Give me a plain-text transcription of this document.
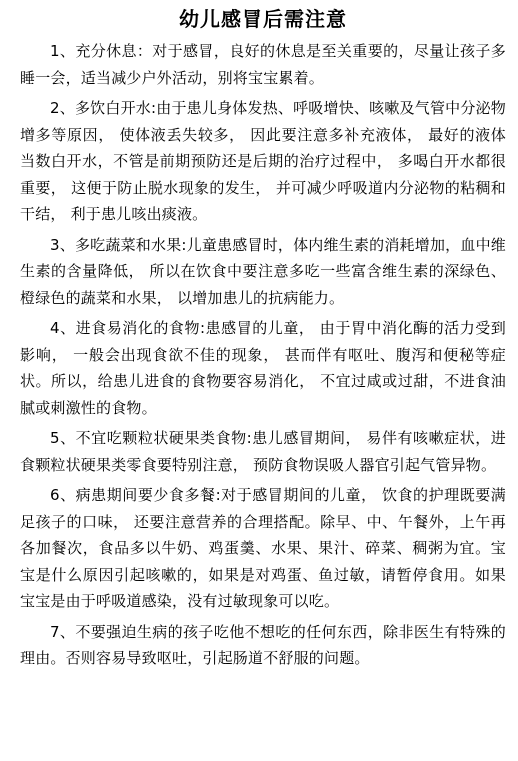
幼儿感冒后需注意

1、充分休息：对于感冒，良好的休息是至关重要的，尽量让孩子多睡一会，适当减少户外活动，别将宝宝累着。

2、多饮白开水:由于患儿身体发热、呼吸增快、咳嗽及气管中分泌物增多等原因， 使体液丢失较多， 因此要注意多补充液体， 最好的液体当数白开水，不管是前期预防还是后期的治疗过程中， 多喝白开水都很重要， 这便于防止脱水现象的发生， 并可减少呼吸道内分泌物的粘稠和干结， 利于患儿咳出痰液。

3、多吃蔬菜和水果:儿童患感冒时，体内维生素的消耗增加，血中维生素的含量降低， 所以在饮食中要注意多吃一些富含维生素的深绿色、橙绿色的蔬菜和水果， 以增加患儿的抗病能力。

4、进食易消化的食物:患感冒的儿童， 由于胃中消化酶的活力受到影响， 一般会出现食欲不佳的现象， 甚而伴有呕吐、腹泻和便秘等症状。所以，给患儿进食的食物要容易消化， 不宜过咸或过甜，不进食油腻或刺激性的食物。

5、不宜吃颗粒状硬果类食物:患儿感冒期间， 易伴有咳嗽症状，进食颗粒状硬果类零食要特别注意， 预防食物误吸人器官引起气管异物。

6、病患期间要少食多餐:对于感冒期间的儿童， 饮食的护理既要满足孩子的口味， 还要注意营养的合理搭配。除早、中、午餐外，上午再各加餐次，食品多以牛奶、鸡蛋羹、水果、果汁、碎菜、稠粥为宜。宝宝是什么原因引起咳嗽的，如果是对鸡蛋、鱼过敏，请暂停食用。如果宝宝是由于呼吸道感染，没有过敏现象可以吃。

7、不要强迫生病的孩子吃他不想吃的任何东西，除非医生有特殊的理由。否则容易导致呕吐，引起肠道不舒服的问题。
